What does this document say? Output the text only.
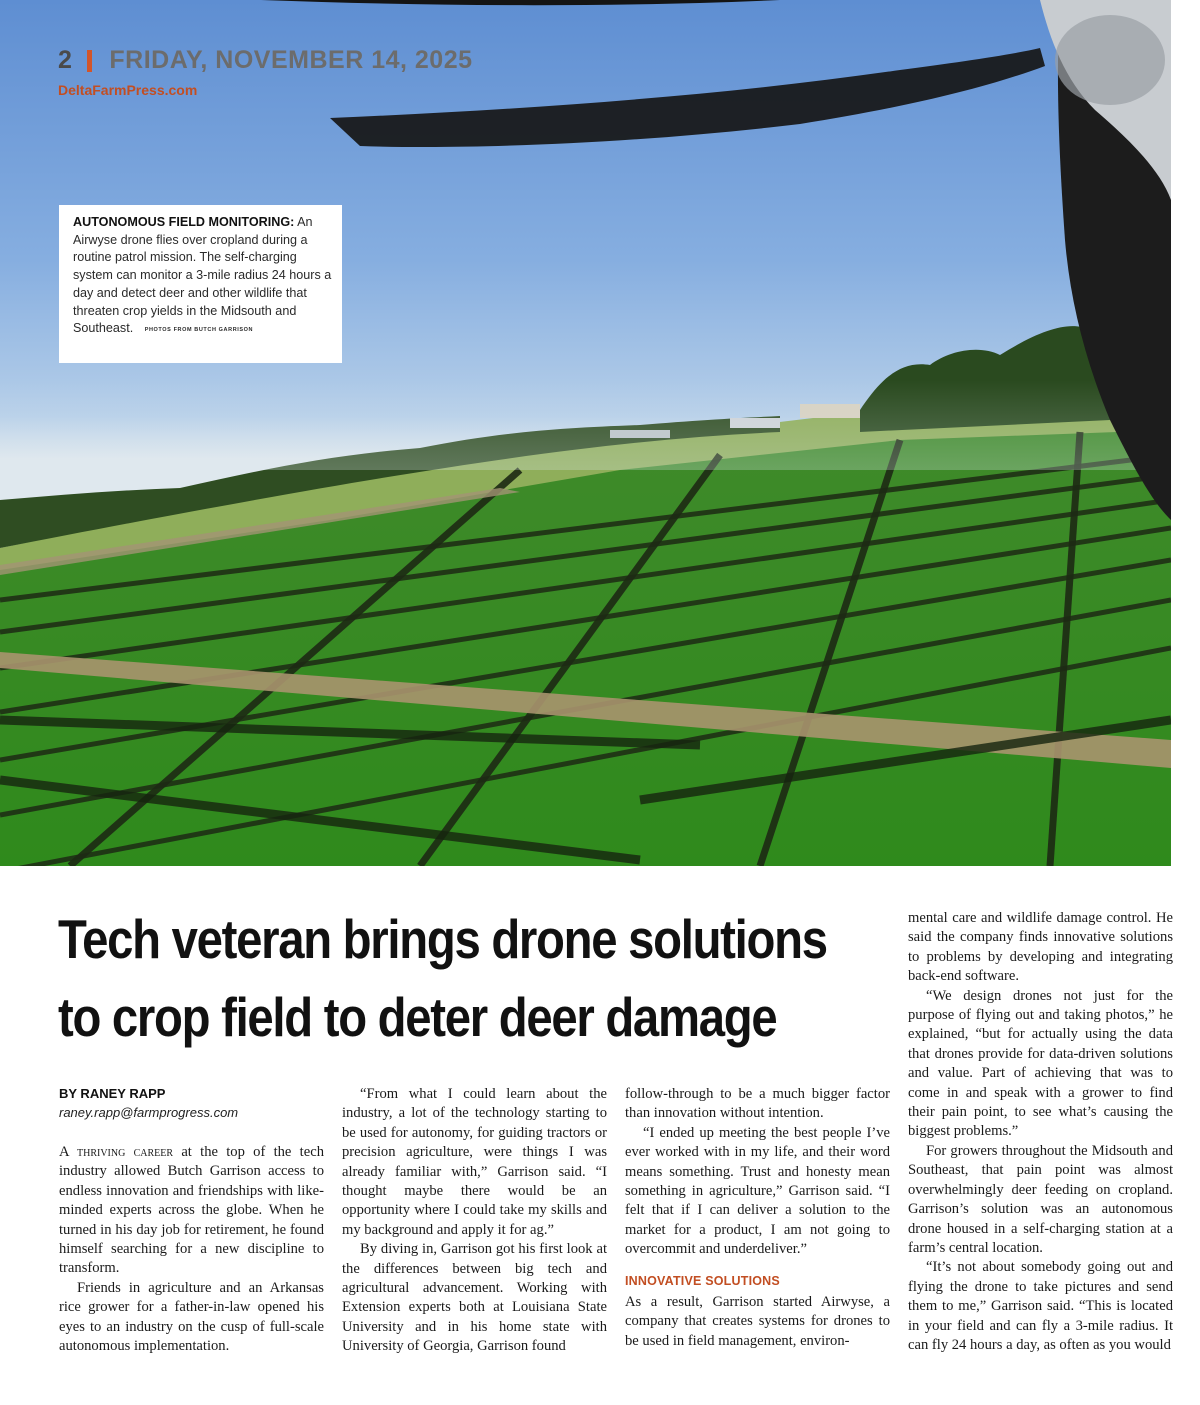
2 FRIDAY, NOVEMBER 14, 2025
DeltaFarmPress.com
AUTONOMOUS FIELD MONITORING: An Airwyse drone flies over cropland during a routine patrol mission. The self-charging system can monitor a 3-mile radius 24 hours a day and detect deer and other wildlife that threaten crop yields in the Midsouth and Southeast. PHOTOS FROM BUTCH GARRISON
Tech veteran brings drone solutions
to crop field to deter deer damage
BY RANEY RAPP
raney.rapp@farmprogress.com

A thriving career at the top of the tech industry allowed Butch Garrison access to endless innovation and friendships with like-minded experts across the globe. When he turned in his day job for retirement, he found himself searching for a new discipline to transform.

Friends in agriculture and an Arkansas rice grower for a father-in-law opened his eyes to an industry on the cusp of full-scale autonomous implementation.

“From what I could learn about the industry, a lot of the technology starting to be used for autonomy, for guiding tractors or precision agriculture, were things I was already familiar with,” Garrison said. “I thought maybe there would be an opportunity where I could take my skills and my background and apply it for ag.”

By diving in, Garrison got his first look at the differences between big tech and agricultural advancement. Working with Extension experts both at Louisiana State University and in his home state with University of Georgia, Garrison found

follow-through to be a much bigger factor than innovation without intention.

“I ended up meeting the best people I’ve ever worked with in my life, and their word means something. Trust and honesty mean something in agriculture,” Garrison said. “I felt that if I can deliver a solution to the market for a product, I am not going to overcommit and underdeliver.”

INNOVATIVE SOLUTIONS

As a result, Garrison started Airwyse, a company that creates systems for drones to be used in field management, environ-

mental care and wildlife damage control. He said the company finds innovative solutions to problems by developing and integrating back-end software.

“We design drones not just for the purpose of flying out and taking photos,” he explained, “but for actually using the data that drones provide for data-driven solutions and value. Part of achieving that was to come in and speak with a grower to find their pain point, to see what’s causing the biggest problems.”

For growers throughout the Midsouth and Southeast, that pain point was almost overwhelmingly deer feeding on cropland. Garrison’s solution was an autonomous drone housed in a self-charging station at a farm’s central location.

“It’s not about somebody going out and flying the drone to take pictures and send them to me,” Garrison said. “This is located in your field and can fly a 3-mile radius. It can fly 24 hours a day, as often as you would
